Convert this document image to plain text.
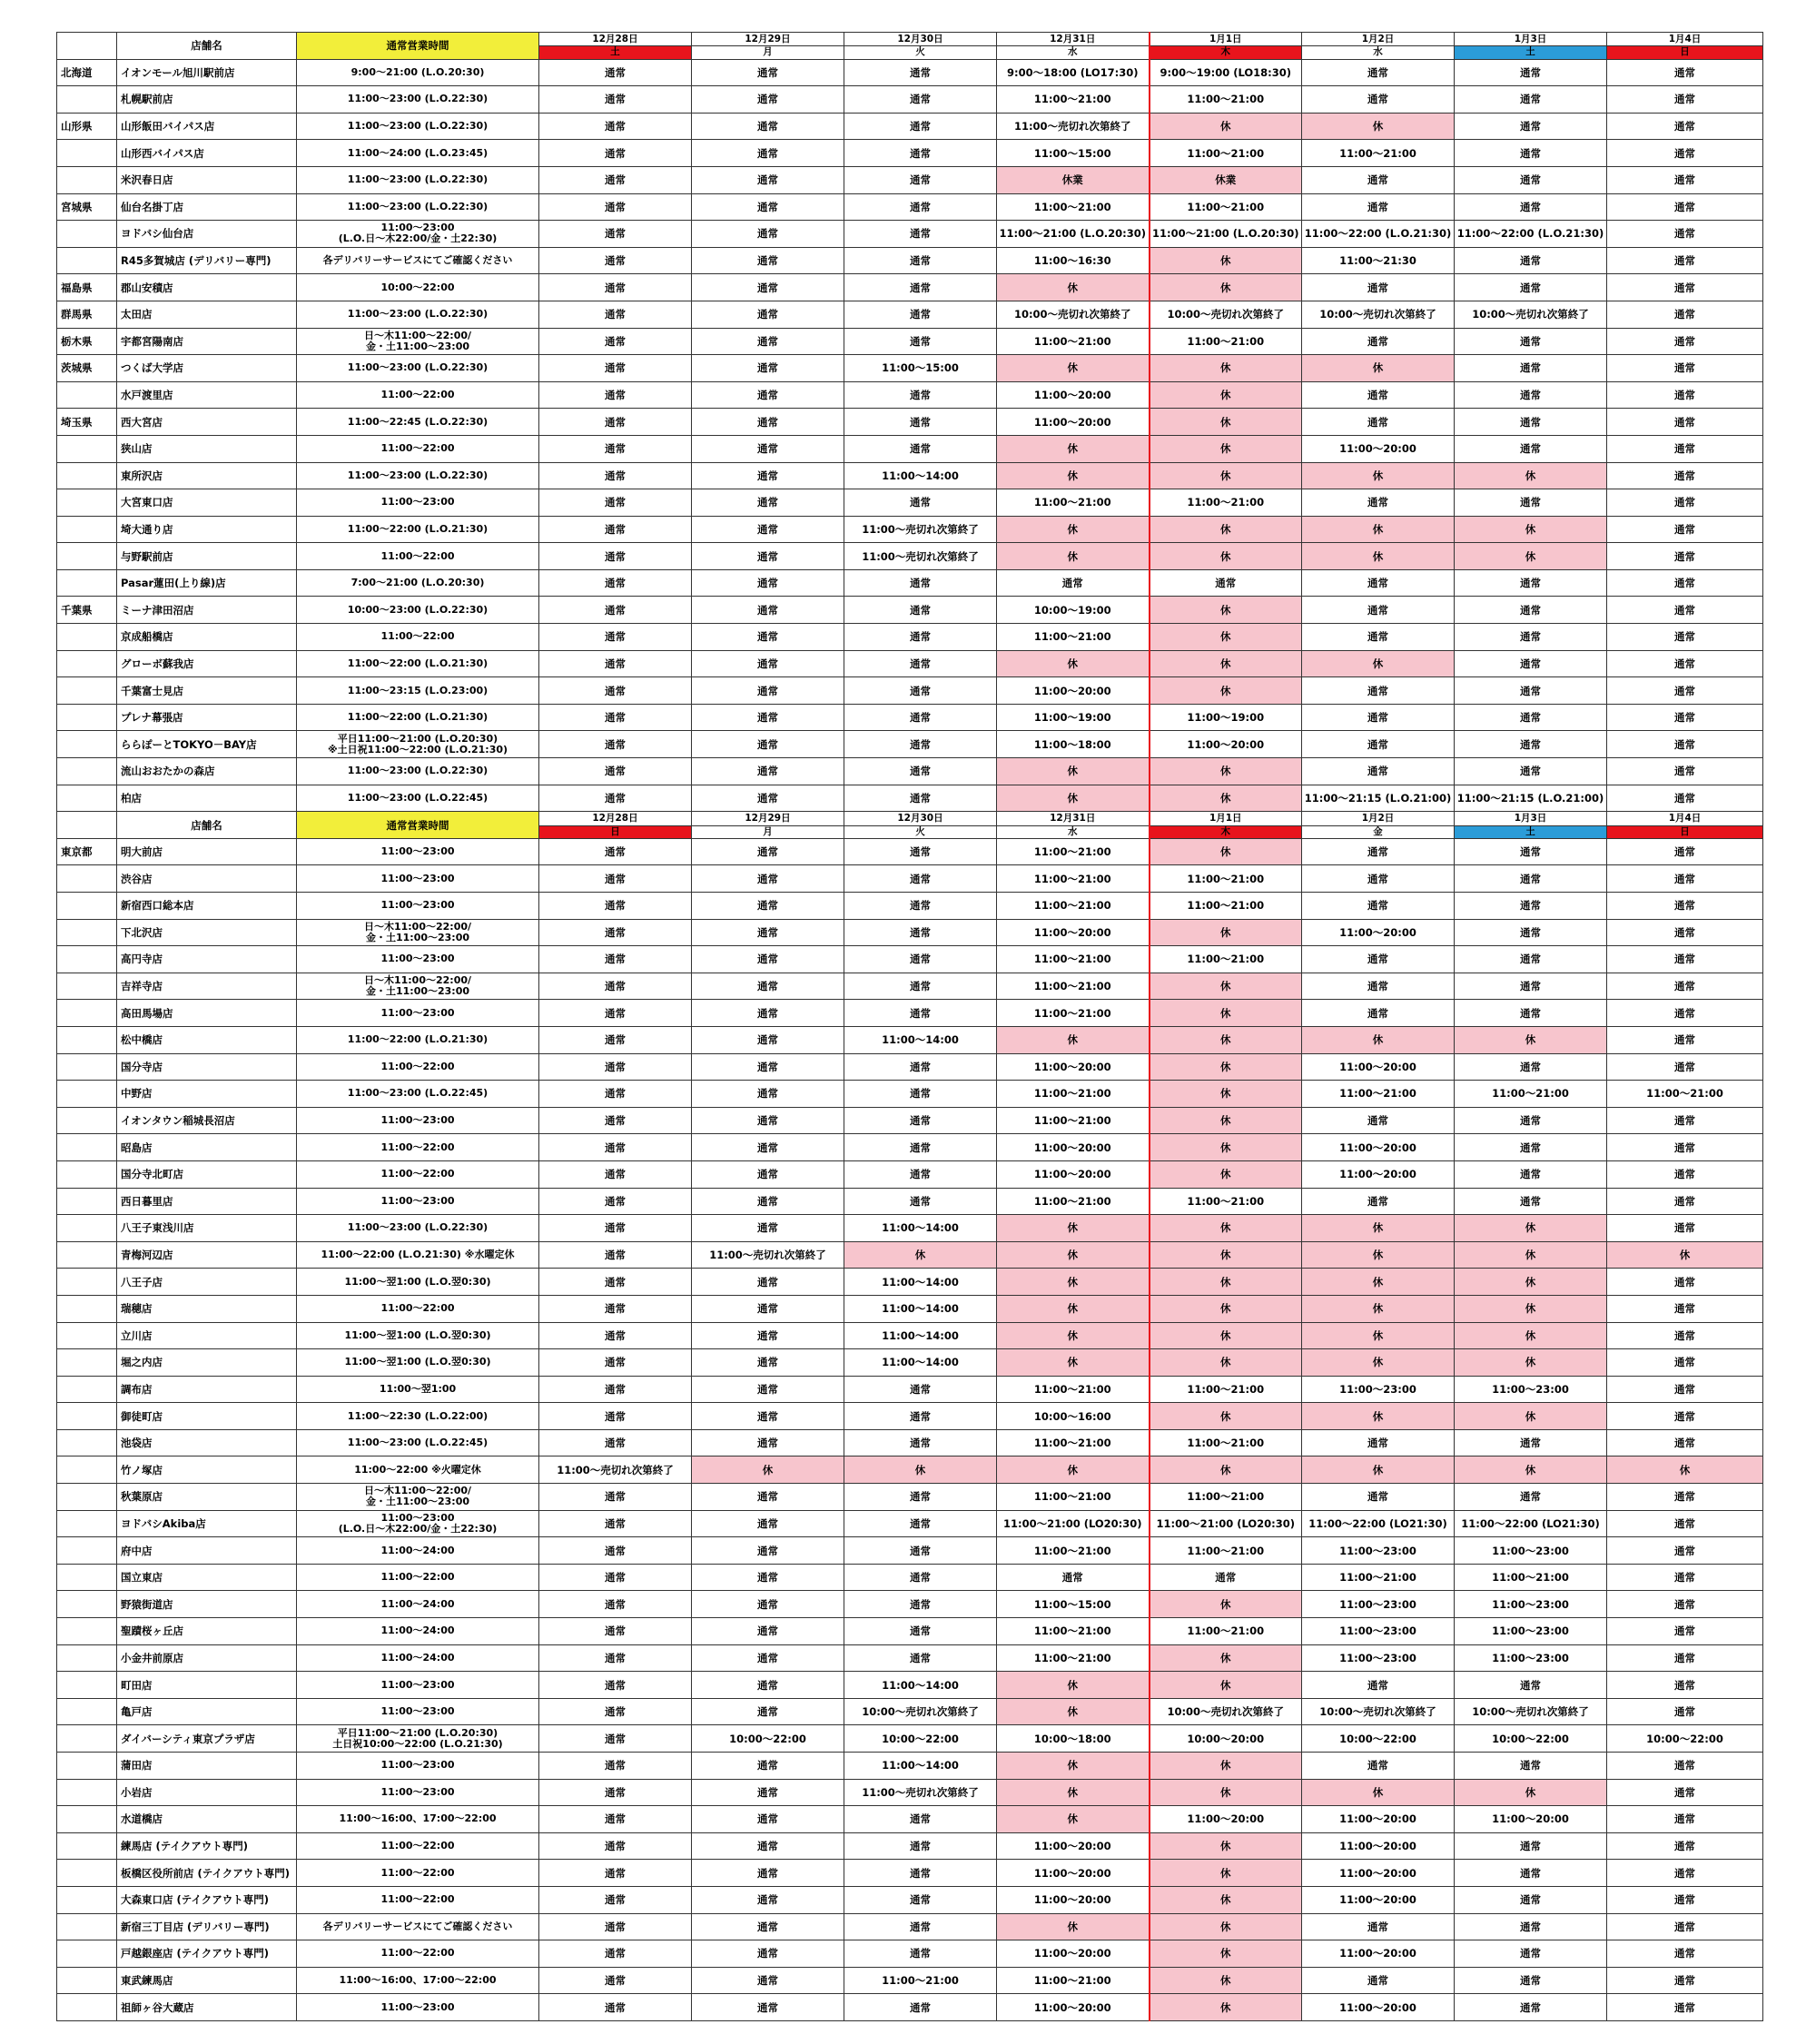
	店舗名	通常営業時間	12月28日	12月29日	12月30日	12月31日	1月1日	1月2日	1月3日	1月4日
			土	月	火	水	木	水	土	日
北海道	イオンモール旭川駅前店	9:00～21:00 (L.O.20:30)	通常	通常	通常	9:00～18:00 (LO17:30)	9:00～19:00 (LO18:30)	通常	通常	通常
	札幌駅前店	11:00～23:00 (L.O.22:30)	通常	通常	通常	11:00～21:00	11:00～21:00	通常	通常	通常
山形県	山形飯田バイパス店	11:00～23:00 (L.O.22:30)	通常	通常	通常	11:00～売切れ次第終了	休	休	通常	通常
	山形西バイパス店	11:00～24:00 (L.O.23:45)	通常	通常	通常	11:00～15:00	11:00～21:00	11:00～21:00	通常	通常
	米沢春日店	11:00～23:00 (L.O.22:30)	通常	通常	通常	休業	休業	通常	通常	通常
宮城県	仙台名掛丁店	11:00～23:00 (L.O.22:30)	通常	通常	通常	11:00～21:00	11:00～21:00	通常	通常	通常
	ヨドバシ仙台店	11:00～23:00
(L.O.日～木22:00/金・土22:30)	通常	通常	通常	11:00～21:00 (L.O.20:30)	11:00～21:00 (L.O.20:30)	11:00～22:00 (L.O.21:30)	11:00～22:00 (L.O.21:30)	通常
	R45多賀城店 (デリバリー専門)	各デリバリーサービスにてご確認ください	通常	通常	通常	11:00～16:30	休	11:00～21:30	通常	通常
福島県	郡山安積店	10:00～22:00	通常	通常	通常	休	休	通常	通常	通常
群馬県	太田店	11:00～23:00 (L.O.22:30)	通常	通常	通常	10:00～売切れ次第終了	10:00～売切れ次第終了	10:00～売切れ次第終了	10:00～売切れ次第終了	通常
栃木県	宇都宮陽南店	日～木11:00～22:00/
金・土11:00～23:00	通常	通常	通常	11:00～21:00	11:00～21:00	通常	通常	通常
茨城県	つくば大学店	11:00～23:00 (L.O.22:30)	通常	通常	11:00～15:00	休	休	休	通常	通常
	水戸渡里店	11:00～22:00	通常	通常	通常	11:00～20:00	休	通常	通常	通常
埼玉県	西大宮店	11:00～22:45 (L.O.22:30)	通常	通常	通常	11:00～20:00	休	通常	通常	通常
	狭山店	11:00～22:00	通常	通常	通常	休	休	11:00～20:00	通常	通常
	東所沢店	11:00～23:00 (L.O.22:30)	通常	通常	11:00～14:00	休	休	休	休	通常
	大宮東口店	11:00～23:00	通常	通常	通常	11:00～21:00	11:00～21:00	通常	通常	通常
	埼大通り店	11:00～22:00 (L.O.21:30)	通常	通常	11:00～売切れ次第終了	休	休	休	休	通常
	与野駅前店	11:00～22:00	通常	通常	11:00～売切れ次第終了	休	休	休	休	通常
	Pasar蓮田(上り線)店	7:00～21:00 (L.O.20:30)	通常	通常	通常	通常	通常	通常	通常	通常
千葉県	ミーナ津田沼店	10:00～23:00 (L.O.22:30)	通常	通常	通常	10:00～19:00	休	通常	通常	通常
	京成船橋店	11:00～22:00	通常	通常	通常	11:00～21:00	休	通常	通常	通常
	グローボ蘇我店	11:00～22:00 (L.O.21:30)	通常	通常	通常	休	休	休	通常	通常
	千葉富士見店	11:00～23:15 (L.O.23:00)	通常	通常	通常	11:00～20:00	休	通常	通常	通常
	プレナ幕張店	11:00～22:00 (L.O.21:30)	通常	通常	通常	11:00～19:00	11:00～19:00	通常	通常	通常
	ららぽーとTOKYO－BAY店	平日11:00～21:00 (L.O.20:30)
※土日祝11:00～22:00 (L.O.21:30)	通常	通常	通常	11:00～18:00	11:00～20:00	通常	通常	通常
	流山おおたかの森店	11:00～23:00 (L.O.22:30)	通常	通常	通常	休	休	通常	通常	通常
	柏店	11:00～23:00 (L.O.22:45)	通常	通常	通常	休	休	11:00～21:15 (L.O.21:00)	11:00～21:15 (L.O.21:00)	通常
	店舗名	通常営業時間	12月28日	12月29日	12月30日	12月31日	1月1日	1月2日	1月3日	1月4日
			日	月	火	水	木	金	土	日
東京都	明大前店	11:00～23:00	通常	通常	通常	11:00～21:00	休	通常	通常	通常
	渋谷店	11:00～23:00	通常	通常	通常	11:00～21:00	11:00～21:00	通常	通常	通常
	新宿西口総本店	11:00～23:00	通常	通常	通常	11:00～21:00	11:00～21:00	通常	通常	通常
	下北沢店	日～木11:00～22:00/
金・土11:00～23:00	通常	通常	通常	11:00～20:00	休	11:00～20:00	通常	通常
	高円寺店	11:00～23:00	通常	通常	通常	11:00～21:00	11:00～21:00	通常	通常	通常
	吉祥寺店	日～木11:00～22:00/
金・土11:00～23:00	通常	通常	通常	11:00～21:00	休	通常	通常	通常
	高田馬場店	11:00～23:00	通常	通常	通常	11:00～21:00	休	通常	通常	通常
	松中橋店	11:00～22:00 (L.O.21:30)	通常	通常	11:00～14:00	休	休	休	休	通常
	国分寺店	11:00～22:00	通常	通常	通常	11:00～20:00	休	11:00～20:00	通常	通常
	中野店	11:00～23:00 (L.O.22:45)	通常	通常	通常	11:00～21:00	休	11:00～21:00	11:00～21:00	11:00～21:00
	イオンタウン稲城長沼店	11:00～23:00	通常	通常	通常	11:00～21:00	休	通常	通常	通常
	昭島店	11:00～22:00	通常	通常	通常	11:00～20:00	休	11:00～20:00	通常	通常
	国分寺北町店	11:00～22:00	通常	通常	通常	11:00～20:00	休	11:00～20:00	通常	通常
	西日暮里店	11:00～23:00	通常	通常	通常	11:00～21:00	11:00～21:00	通常	通常	通常
	八王子東浅川店	11:00～23:00 (L.O.22:30)	通常	通常	11:00～14:00	休	休	休	休	通常
	青梅河辺店	11:00～22:00 (L.O.21:30) ※水曜定休	通常	11:00～売切れ次第終了	休	休	休	休	休	休
	八王子店	11:00～翌1:00 (L.O.翌0:30)	通常	通常	11:00～14:00	休	休	休	休	通常
	瑞穂店	11:00～22:00	通常	通常	11:00～14:00	休	休	休	休	通常
	立川店	11:00～翌1:00 (L.O.翌0:30)	通常	通常	11:00～14:00	休	休	休	休	通常
	堀之内店	11:00～翌1:00 (L.O.翌0:30)	通常	通常	11:00～14:00	休	休	休	休	通常
	調布店	11:00～翌1:00	通常	通常	通常	11:00～21:00	11:00～21:00	11:00～23:00	11:00～23:00	通常
	御徒町店	11:00～22:30 (L.O.22:00)	通常	通常	通常	10:00～16:00	休	休	休	通常
	池袋店	11:00～23:00 (L.O.22:45)	通常	通常	通常	11:00～21:00	11:00～21:00	通常	通常	通常
	竹ノ塚店	11:00～22:00 ※火曜定休	11:00～売切れ次第終了	休	休	休	休	休	休	休
	秋葉原店	日～木11:00～22:00/
金・土11:00～23:00	通常	通常	通常	11:00～21:00	11:00～21:00	通常	通常	通常
	ヨドバシAkiba店	11:00～23:00
(L.O.日～木22:00/金・土22:30)	通常	通常	通常	11:00～21:00 (LO20:30)	11:00～21:00 (LO20:30)	11:00～22:00 (LO21:30)	11:00～22:00 (LO21:30)	通常
	府中店	11:00～24:00	通常	通常	通常	11:00～21:00	11:00～21:00	11:00～23:00	11:00～23:00	通常
	国立東店	11:00～22:00	通常	通常	通常	通常	通常	11:00～21:00	11:00～21:00	通常
	野猿街道店	11:00～24:00	通常	通常	通常	11:00～15:00	休	11:00～23:00	11:00～23:00	通常
	聖蹟桜ヶ丘店	11:00～24:00	通常	通常	通常	11:00～21:00	11:00～21:00	11:00～23:00	11:00～23:00	通常
	小金井前原店	11:00～24:00	通常	通常	通常	11:00～21:00	休	11:00～23:00	11:00～23:00	通常
	町田店	11:00～23:00	通常	通常	11:00～14:00	休	休	通常	通常	通常
	亀戸店	11:00～23:00	通常	通常	10:00～売切れ次第終了	休	10:00～売切れ次第終了	10:00～売切れ次第終了	10:00～売切れ次第終了	通常
	ダイバーシティ東京プラザ店	平日11:00～21:00 (L.O.20:30)
土日祝10:00～22:00 (L.O.21:30)	通常	10:00～22:00	10:00～22:00	10:00～18:00	10:00～20:00	10:00～22:00	10:00～22:00	10:00～22:00
	蒲田店	11:00～23:00	通常	通常	11:00～14:00	休	休	通常	通常	通常
	小岩店	11:00～23:00	通常	通常	11:00～売切れ次第終了	休	休	休	休	通常
	水道橋店	11:00～16:00、17:00～22:00	通常	通常	通常	休	11:00～20:00	11:00～20:00	11:00～20:00	通常
	練馬店 (テイクアウト専門)	11:00～22:00	通常	通常	通常	11:00～20:00	休	11:00～20:00	通常	通常
	板橋区役所前店 (テイクアウト専門)	11:00～22:00	通常	通常	通常	11:00～20:00	休	11:00～20:00	通常	通常
	大森東口店 (テイクアウト専門)	11:00～22:00	通常	通常	通常	11:00～20:00	休	11:00～20:00	通常	通常
	新宿三丁目店 (デリバリー専門)	各デリバリーサービスにてご確認ください	通常	通常	通常	休	休	通常	通常	通常
	戸越銀座店 (テイクアウト専門)	11:00～22:00	通常	通常	通常	11:00～20:00	休	11:00～20:00	通常	通常
	東武練馬店	11:00～16:00、17:00～22:00	通常	通常	11:00～21:00	11:00～21:00	休	通常	通常	通常
	祖師ヶ谷大蔵店	11:00～23:00	通常	通常	通常	11:00～20:00	休	11:00～20:00	通常	通常
